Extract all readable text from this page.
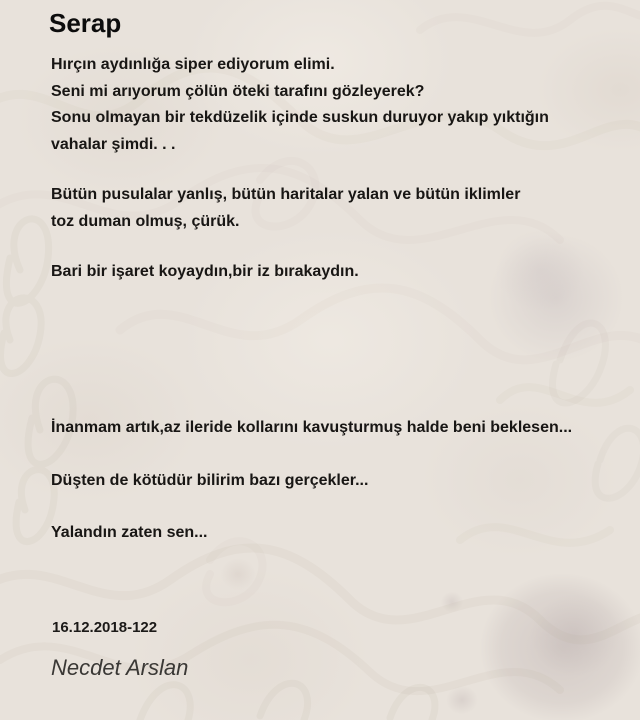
Serap
Hırçın aydınlığa siper ediyorum elimi.
Seni mi arıyorum çölün öteki tarafını gözleyerek?
Sonu olmayan bir tekdüzelik içinde suskun duruyor yakıp yıktığın
vahalar şimdi. . .
Bütün pusulalar yanlış, bütün haritalar yalan ve bütün iklimler
toz duman olmuş, çürük.
Bari bir işaret koyaydın,bir iz bırakaydın.
İnanmam artık,az ileride kollarını kavuşturmuş halde beni beklesen...
Düşten de kötüdür bilirim bazı gerçekler...
Yalandın zaten sen...
16.12.2018-122
Necdet Arslan
